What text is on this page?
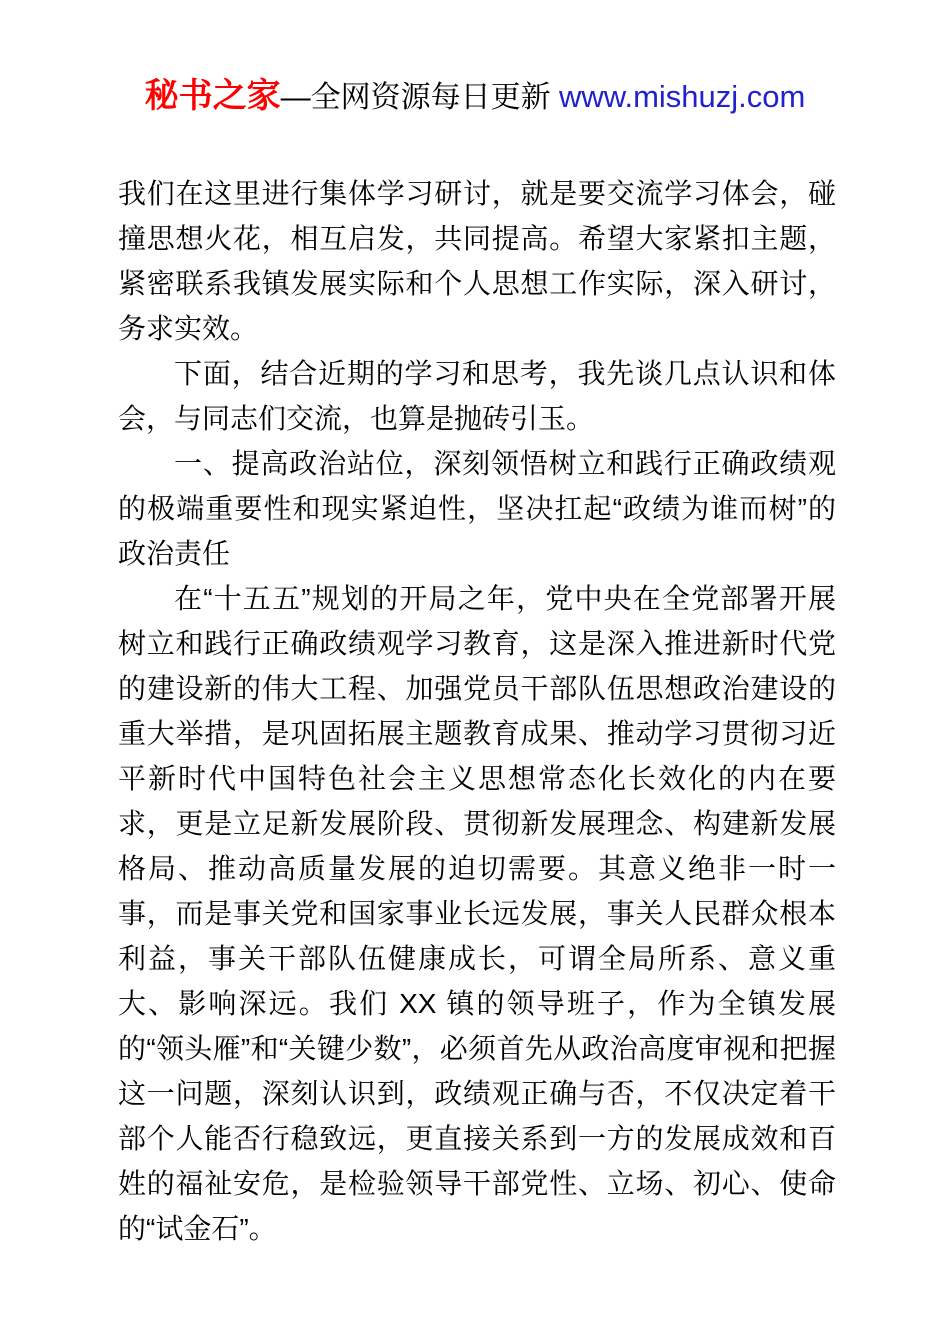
秘书之家—全网资源每日更新 www.mishuzj.com

我们在这里进行集体学习研讨，就是要交流学习体会，碰撞思想火花，相互启发，共同提高。希望大家紧扣主题，紧密联系我镇发展实际和个人思想工作实际，深入研讨，务求实效。

下面，结合近期的学习和思考，我先谈几点认识和体会，与同志们交流，也算是抛砖引玉。

一、提高政治站位，深刻领悟树立和践行正确政绩观的极端重要性和现实紧迫性，坚决扛起“政绩为谁而树”的政治责任

在“十五五”规划的开局之年，党中央在全党部署开展树立和践行正确政绩观学习教育，这是深入推进新时代党的建设新的伟大工程、加强党员干部队伍思想政治建设的重大举措，是巩固拓展主题教育成果、推动学习贯彻习近平新时代中国特色社会主义思想常态化长效化的内在要求，更是立足新发展阶段、贯彻新发展理念、构建新发展格局、推动高质量发展的迫切需要。其意义绝非一时一事，而是事关党和国家事业长远发展，事关人民群众根本利益，事关干部队伍健康成长，可谓全局所系、意义重大、影响深远。我们 XX 镇的领导班子，作为全镇发展的“领头雁”和“关键少数”，必须首先从政治高度审视和把握这一问题，深刻认识到，政绩观正确与否，不仅决定着干部个人能否行稳致远，更直接关系到一方的发展成效和百姓的福祉安危，是检验领导干部党性、立场、初心、使命的“试金石”。
